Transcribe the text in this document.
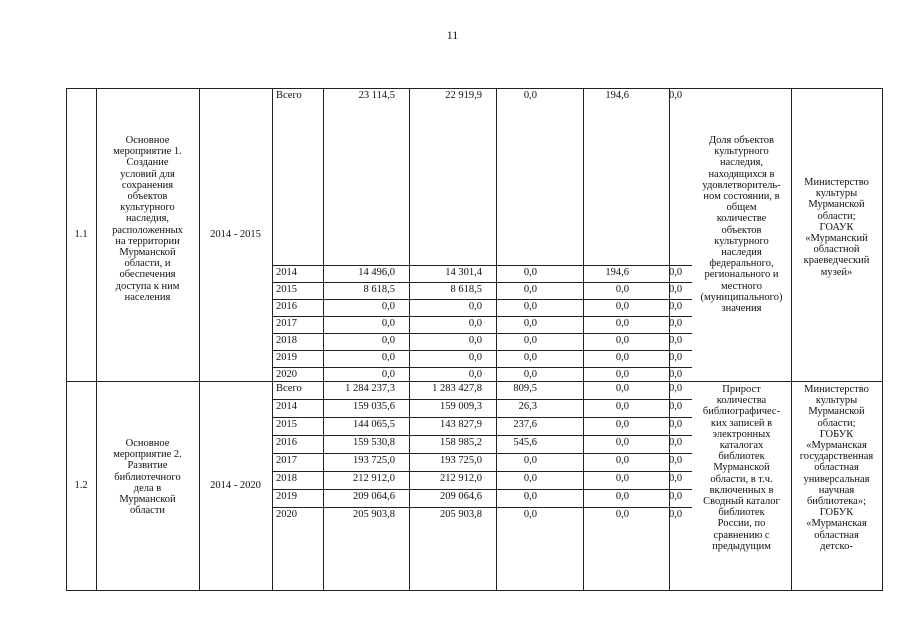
11
1.1
Основное
мероприятие 1.
Создание
условий для
сохранения
объектов
культурного
наследия,
расположенных
на территории
Мурманской
области, и
обеспечения
доступа к ним
населения
2014 - 2015
Всего	23 114,5	22 919,9	0,0	194,6	0,0
2014	14 496,0	14 301,4	0,0	194,6	0,0
2015	8 618,5	8 618,5	0,0	0,0	0,0
2016	0,0	0,0	0,0	0,0	0,0
2017	0,0	0,0	0,0	0,0	0,0
2018	0,0	0,0	0,0	0,0	0,0
2019	0,0	0,0	0,0	0,0	0,0
2020	0,0	0,0	0,0	0,0	0,0
Доля объектов
культурного
наследия,
находящихся в
удовлетворитель-
ном состоянии, в
общем
количестве
объектов
культурного
наследия
федерального,
регионального и
местного
(муниципального)
значения
Министерство
культуры
Мурманской
области;
ГОАУК
«Мурманский
областной
краеведческий
музей»
1.2
Основное
мероприятие 2.
Развитие
библиотечного
дела в
Мурманской
области
2014 - 2020
Всего	1 284 237,3	1 283 427,8	809,5	0,0	0,0
2014	159 035,6	159 009,3	26,3	0,0	0,0
2015	144 065,5	143 827,9	237,6	0,0	0,0
2016	159 530,8	158 985,2	545,6	0,0	0,0
2017	193 725,0	193 725,0	0,0	0,0	0,0
2018	212 912,0	212 912,0	0,0	0,0	0,0
2019	209 064,6	209 064,6	0,0	0,0	0,0
2020	205 903,8	205 903,8	0,0	0,0	0,0
Прирост
количества
библиографичес-
ких записей в
электронных
каталогах
библиотек
Мурманской
области, в т.ч.
включенных в
Сводный каталог
библиотек
России, по
сравнению с
предыдущим
Министерство
культуры
Мурманской
области;
ГОБУК
«Мурманская
государственная
областная
универсальная
научная
библиотека»;
ГОБУК
«Мурманская
областная
детско-
